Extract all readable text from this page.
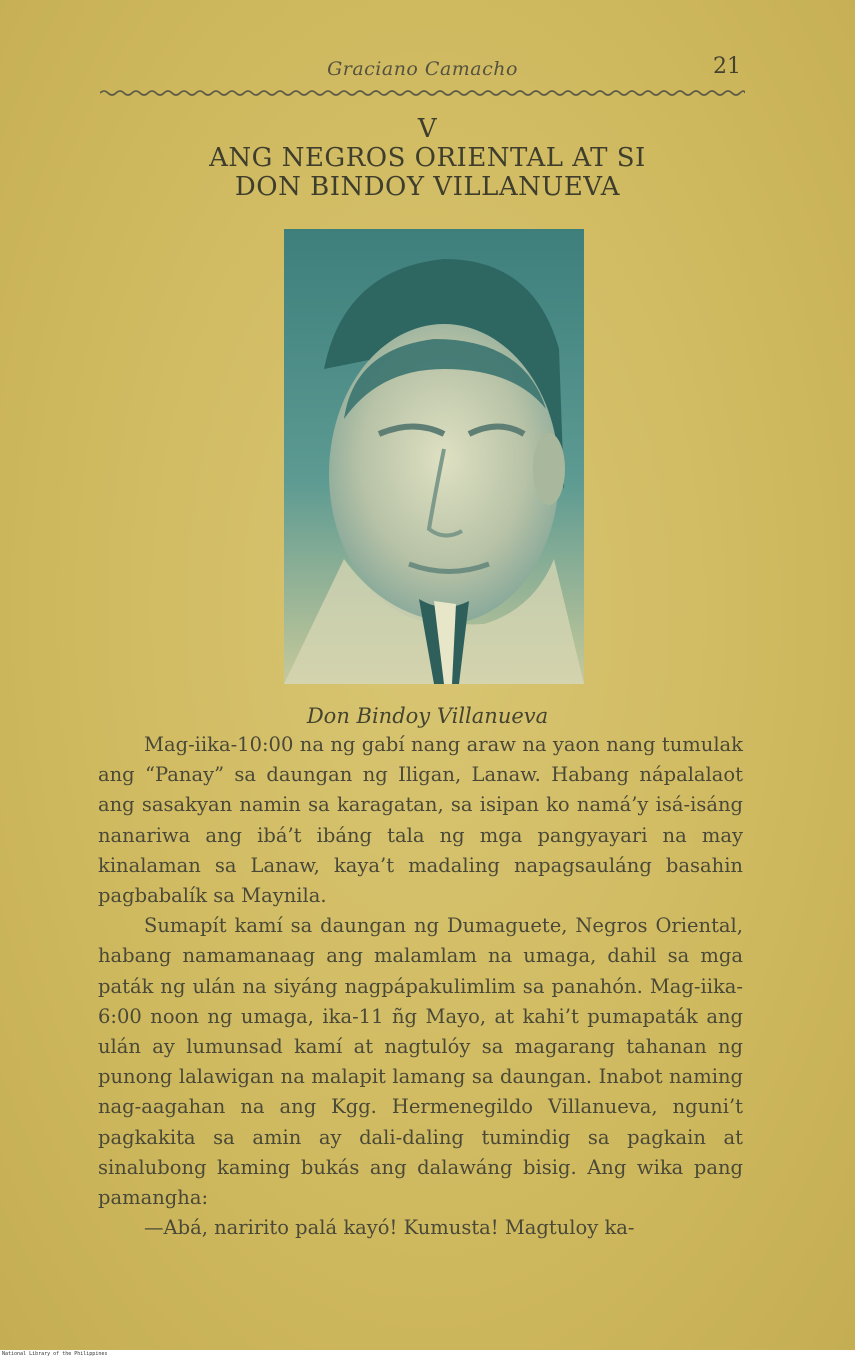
Graciano Camacho	21
V
ANG NEGROS ORIENTAL AT SI
DON BINDOY VILLANUEVA
Don Bindoy Villanueva

Mag-iika-10:00 na ng gabí nang araw na yaon nang tumulak ang “Panay” sa daungan ng Iligan, Lanaw. Habang nápalalaot ang sasakyan namin sa karagatan, sa isipan ko namá’y isá-isáng nanariwa ang ibá’t ibáng tala ng mga pangyayari na may kinalaman sa Lanaw, kaya’t madaling napagsauláng basahin pagbabalík sa Maynila.

Sumapít kamí sa daungan ng Dumaguete, Negros Oriental, habang namamanaag ang malamlam na umaga, dahil sa mga paták ng ulán na siyáng nagpápakulimlim sa panahón. Mag-iika-6:00 noon ng umaga, ika-11 ñg Mayo, at kahi’t pumapaták ang ulán ay lumunsad kamí at nagtulóy sa magarang tahanan ng punong lalawigan na malapit lamang sa daungan. Inabot naming nag-aagahan na ang Kgg. Hermenegildo Villanueva, nguni’t pagkakita sa amin ay dali-daling tumindig sa pagkain at sinalubong kaming bukás ang dalawáng bisig. Ang wika pang pamangha:

—Abá, naririto palá kayó! Kumusta! Magtuloy ka-

National Library of the Philippines
